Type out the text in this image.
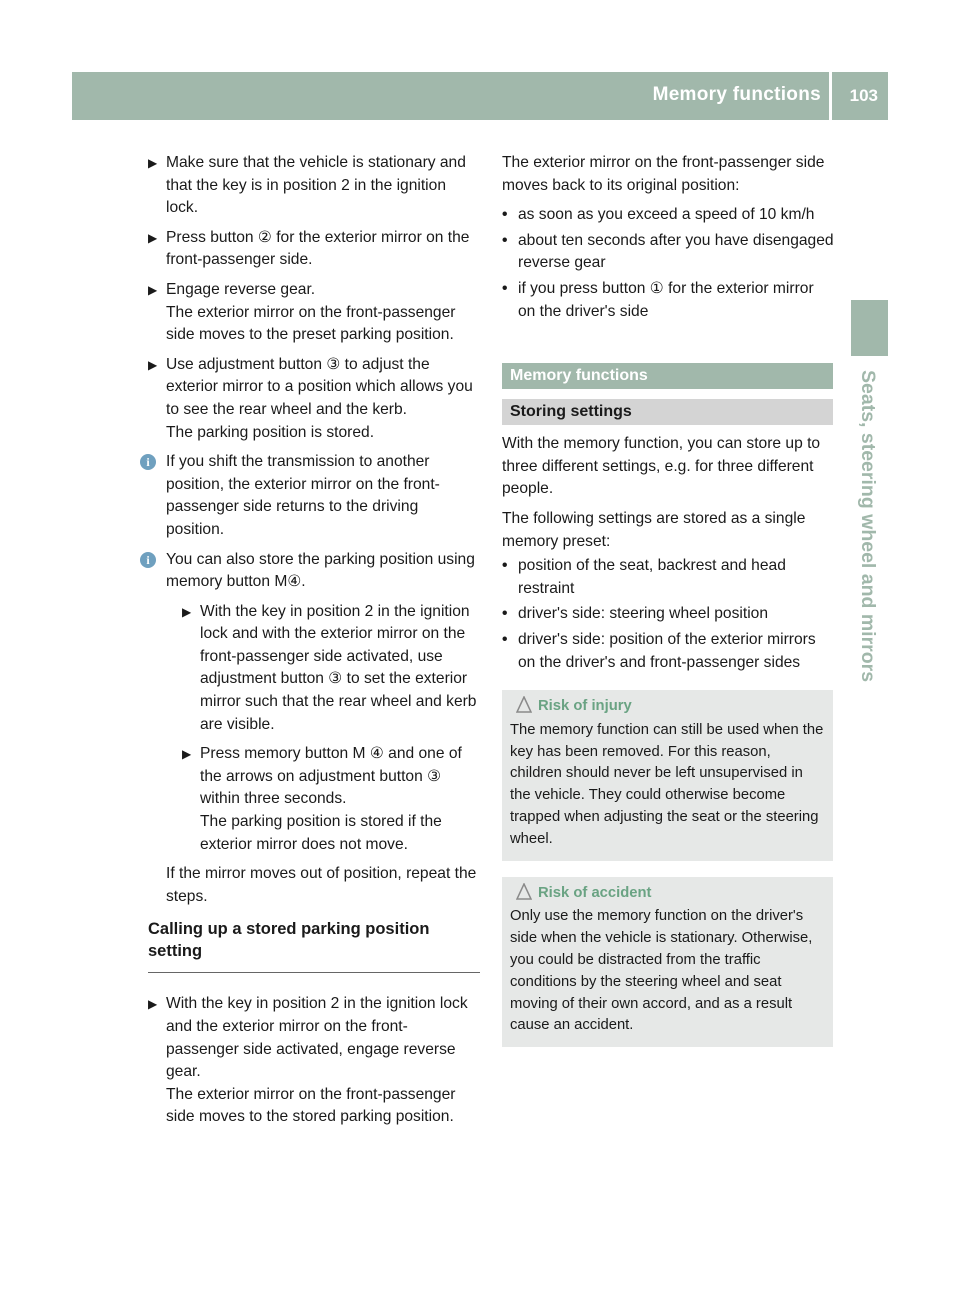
Memory functions 103
Seats, steering wheel and mirrors
▶
Make sure that the vehicle is stationary and that the key is in position 2 in the ignition lock.
▶
Press button ② for the exterior mirror on the front-passenger side.
▶
Engage reverse gear.
The exterior mirror on the front-passenger side moves to the preset parking position.
▶
Use adjustment button ③ to adjust the exterior mirror to a position which allows you to see the rear wheel and the kerb.
The parking position is stored.
i	If you shift the transmission to another position, the exterior mirror on the front-passenger side returns to the driving position.
i	You can also store the parking position using memory button M④.
▶
With the key in position 2 in the ignition lock and with the exterior mirror on the front-passenger side activated, use adjustment button ③ to set the exterior mirror such that the rear wheel and kerb are visible.
▶
Press memory button M ④ and one of the arrows on adjustment button ③ within three seconds.
The parking position is stored if the exterior mirror does not move.
If the mirror moves out of position, repeat the steps.
Calling up a stored parking position setting
▶
With the key in position 2 in the ignition lock and the exterior mirror on the front-passenger side activated, engage reverse gear.
The exterior mirror on the front-passenger side moves to the stored parking position.
The exterior mirror on the front-passenger side moves back to its original position:
• as soon as you exceed a speed of 10 km/h
• about ten seconds after you have disengaged reverse gear
• if you press button ① for the exterior mirror on the driver's side
Memory functions
Storing settings
With the memory function, you can store up to three different settings, e.g. for three different people.
The following settings are stored as a single memory preset:
• position of the seat, backrest and head restraint
• driver's side: steering wheel position
• driver's side: position of the exterior mirrors on the driver's and front-passenger sides
Risk of injury
The memory function can still be used when the key has been removed. For this reason, children should never be left unsupervised in the vehicle. They could otherwise become trapped when adjusting the seat or the steering wheel.
Risk of accident
Only use the memory function on the driver's side when the vehicle is stationary. Otherwise, you could be distracted from the traffic conditions by the steering wheel and seat moving of their own accord, and as a result cause an accident.
